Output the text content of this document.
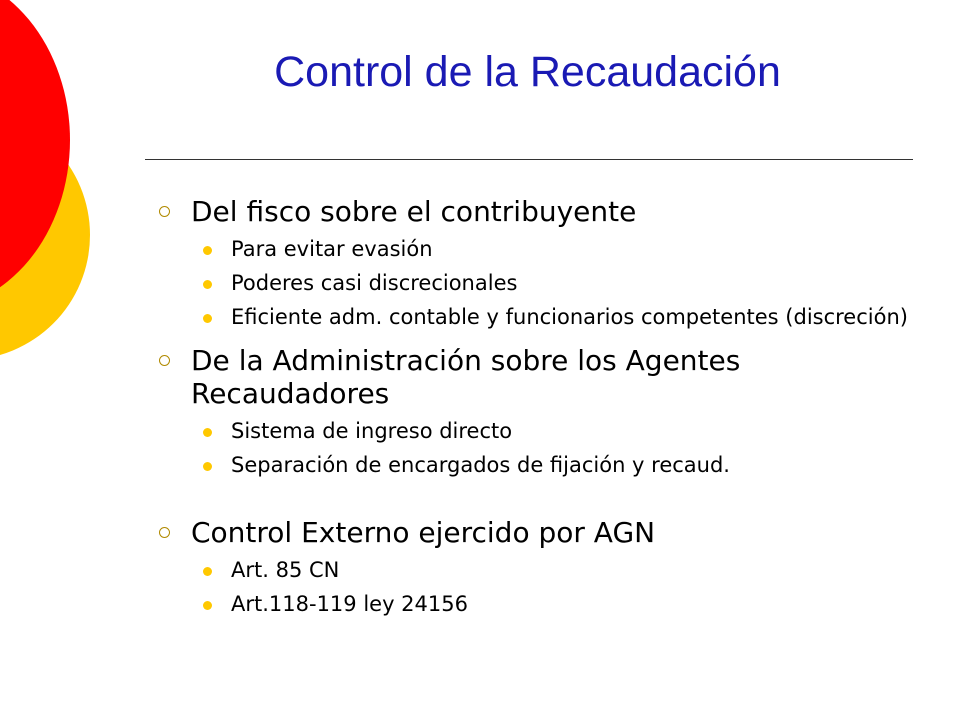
Control de la Recaudación
Del fisco sobre el contribuyente
Para evitar evasión
Poderes casi discrecionales
Eficiente adm. contable y funcionarios competentes (discreción)
De la Administración sobre los Agentes Recaudadores
Sistema de ingreso directo
Separación de encargados de fijación y recaud.
Control Externo ejercido por AGN
Art. 85 CN
Art.118-119 ley 24156
